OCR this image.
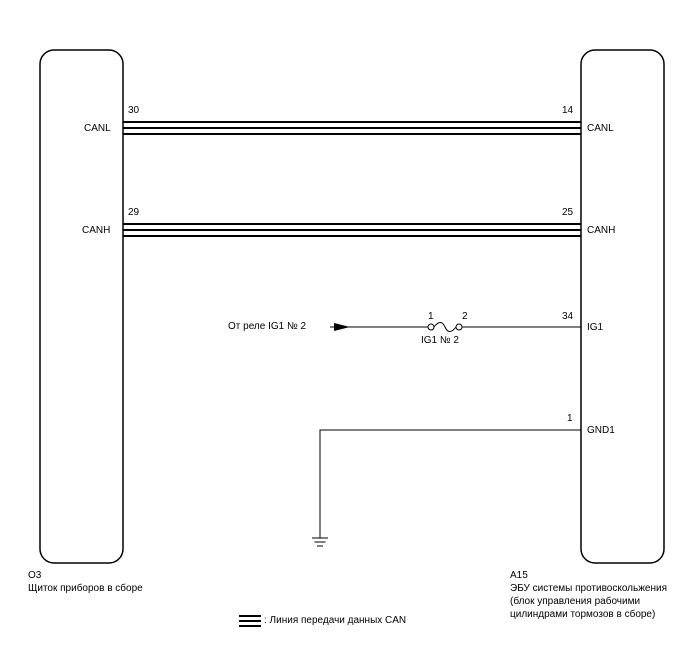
CANL
CANH
30
29
14
25
34
1
CANL
CANH
IG1
GND1
От реле IG1 № 2
1	2
IG1 № 2
O3
Щиток приборов в сборе
A15
ЭБУ системы противоскольжения
(блок управления рабочими
цилиндрами тормозов в сборе)
: Линия передачи данных CAN
